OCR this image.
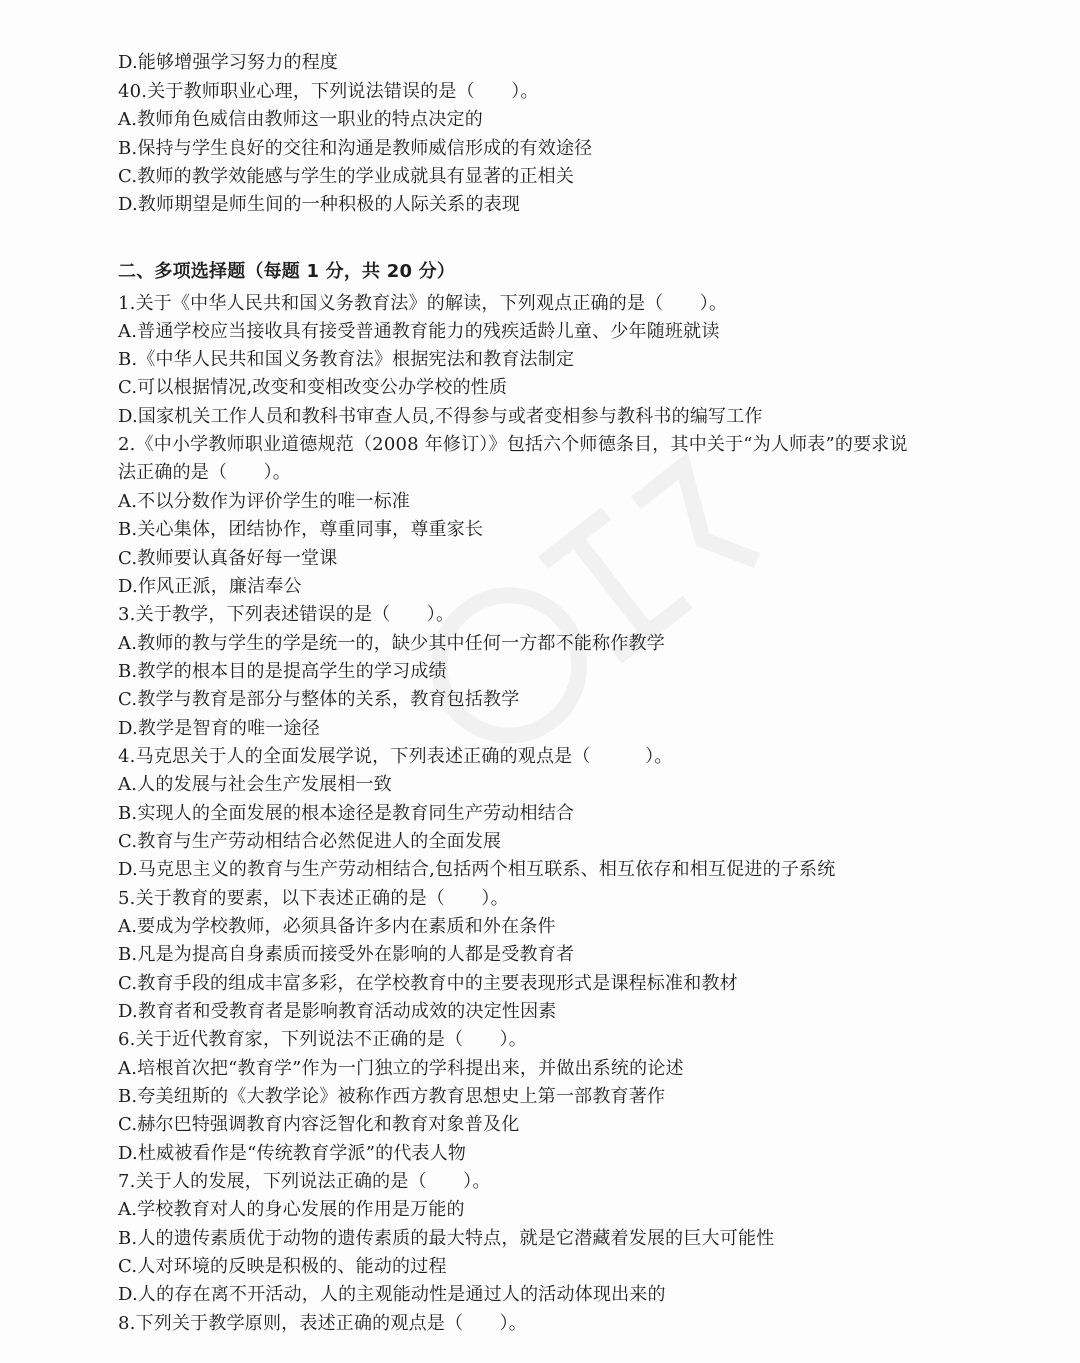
D.能够增强学习努力的程度
40.关于教师职业心理，下列说法错误的是（　　）。
A.教师角色威信由教师这一职业的特点决定的
B.保持与学生良好的交往和沟通是教师威信形成的有效途径
C.教师的教学效能感与学生的学业成就具有显著的正相关
D.教师期望是师生间的一种积极的人际关系的表现
二、多项选择题（每题 1 分，共 20 分）
1.关于《中华人民共和国义务教育法》的解读，下列观点正确的是（　　）。
A.普通学校应当接收具有接受普通教育能力的残疾适龄儿童、少年随班就读
B.《中华人民共和国义务教育法》根据宪法和教育法制定
C.可以根据情况,改变和变相改变公办学校的性质
D.国家机关工作人员和教科书审查人员,不得参与或者变相参与教科书的编写工作
2.《中小学教师职业道德规范（2008 年修订）》包括六个师德条目，其中关于“为人师表”的要求说
法正确的是（　　）。
A.不以分数作为评价学生的唯一标准
B.关心集体，团结协作，尊重同事，尊重家长
C.教师要认真备好每一堂课
D.作风正派，廉洁奉公
3.关于教学，下列表述错误的是（　　）。
A.教师的教与学生的学是统一的，缺少其中任何一方都不能称作教学
B.教学的根本目的是提高学生的学习成绩
C.教学与教育是部分与整体的关系，教育包括教学
D.教学是智育的唯一途径
4.马克思关于人的全面发展学说，下列表述正确的观点是（　　　）。
A.人的发展与社会生产发展相一致
B.实现人的全面发展的根本途径是教育同生产劳动相结合
C.教育与生产劳动相结合必然促进人的全面发展
D.马克思主义的教育与生产劳动相结合,包括两个相互联系、相互依存和相互促进的子系统
5.关于教育的要素，以下表述正确的是（　　）。
A.要成为学校教师，必须具备许多内在素质和外在条件
B.凡是为提高自身素质而接受外在影响的人都是受教育者
C.教育手段的组成丰富多彩，在学校教育中的主要表现形式是课程标准和教材
D.教育者和受教育者是影响教育活动成效的决定性因素
6.关于近代教育家，下列说法不正确的是（　　）。
A.培根首次把“教育学”作为一门独立的学科提出来，并做出系统的论述
B.夸美纽斯的《大教学论》被称作西方教育思想史上第一部教育著作
C.赫尔巴特强调教育内容泛智化和教育对象普及化
D.杜威被看作是“传统教育学派”的代表人物
7.关于人的发展，下列说法正确的是（　　）。
A.学校教育对人的身心发展的作用是万能的
B.人的遗传素质优于动物的遗传素质的最大特点，就是它潜藏着发展的巨大可能性
C.人对环境的反映是积极的、能动的过程
D.人的存在离不开活动，人的主观能动性是通过人的活动体现出来的
8.下列关于教学原则，表述正确的观点是（　　）。
